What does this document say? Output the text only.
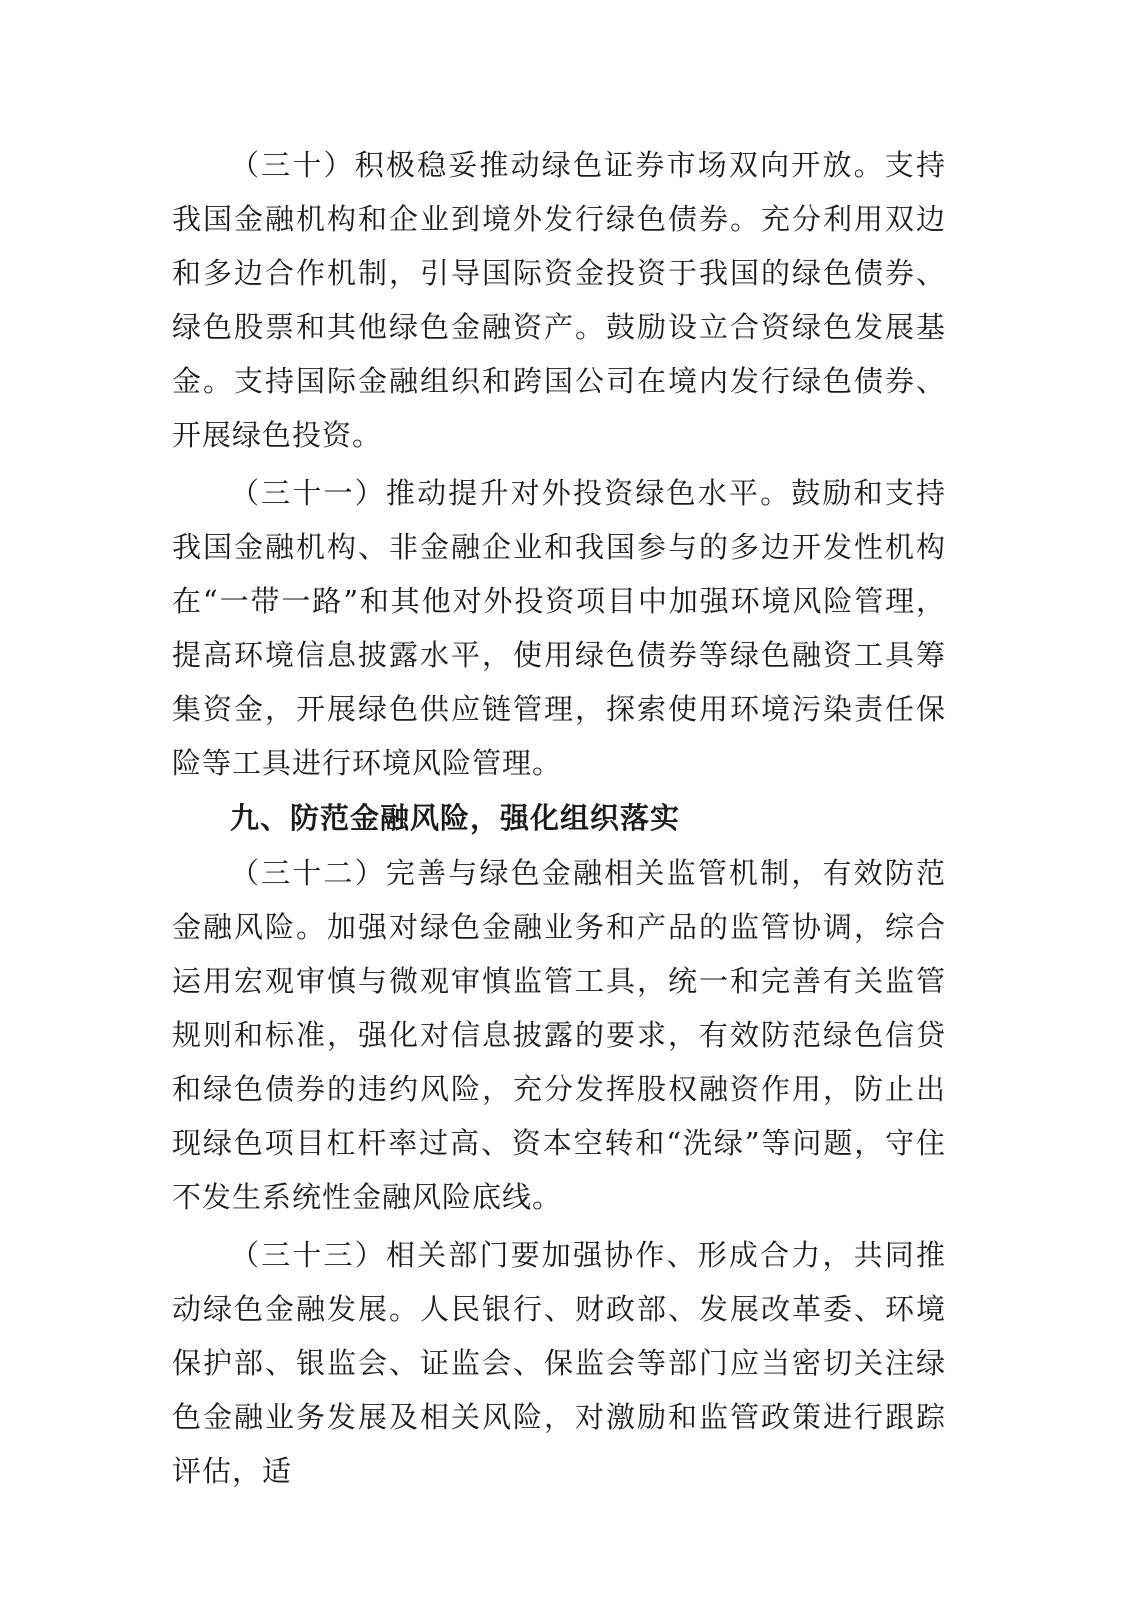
（三十）积极稳妥推动绿色证券市场双向开放。支持我国金融机构和企业到境外发行绿色债券。充分利用双边和多边合作机制，引导国际资金投资于我国的绿色债券、绿色股票和其他绿色金融资产。鼓励设立合资绿色发展基金。支持国际金融组织和跨国公司在境内发行绿色债券、开展绿色投资。

（三十一）推动提升对外投资绿色水平。鼓励和支持我国金融机构、非金融企业和我国参与的多边开发性机构在“一带一路”和其他对外投资项目中加强环境风险管理，提高环境信息披露水平，使用绿色债券等绿色融资工具筹集资金，开展绿色供应链管理，探索使用环境污染责任保险等工具进行环境风险管理。

九、防范金融风险，强化组织落实

（三十二）完善与绿色金融相关监管机制，有效防范金融风险。加强对绿色金融业务和产品的监管协调，综合运用宏观审慎与微观审慎监管工具，统一和完善有关监管规则和标准，强化对信息披露的要求，有效防范绿色信贷和绿色债券的违约风险，充分发挥股权融资作用，防止出现绿色项目杠杆率过高、资本空转和“洗绿”等问题，守住不发生系统性金融风险底线。

（三十三）相关部门要加强协作、形成合力，共同推动绿色金融发展。人民银行、财政部、发展改革委、环境保护部、银监会、证监会、保监会等部门应当密切关注绿色金融业务发展及相关风险，对激励和监管政策进行跟踪评估，适
